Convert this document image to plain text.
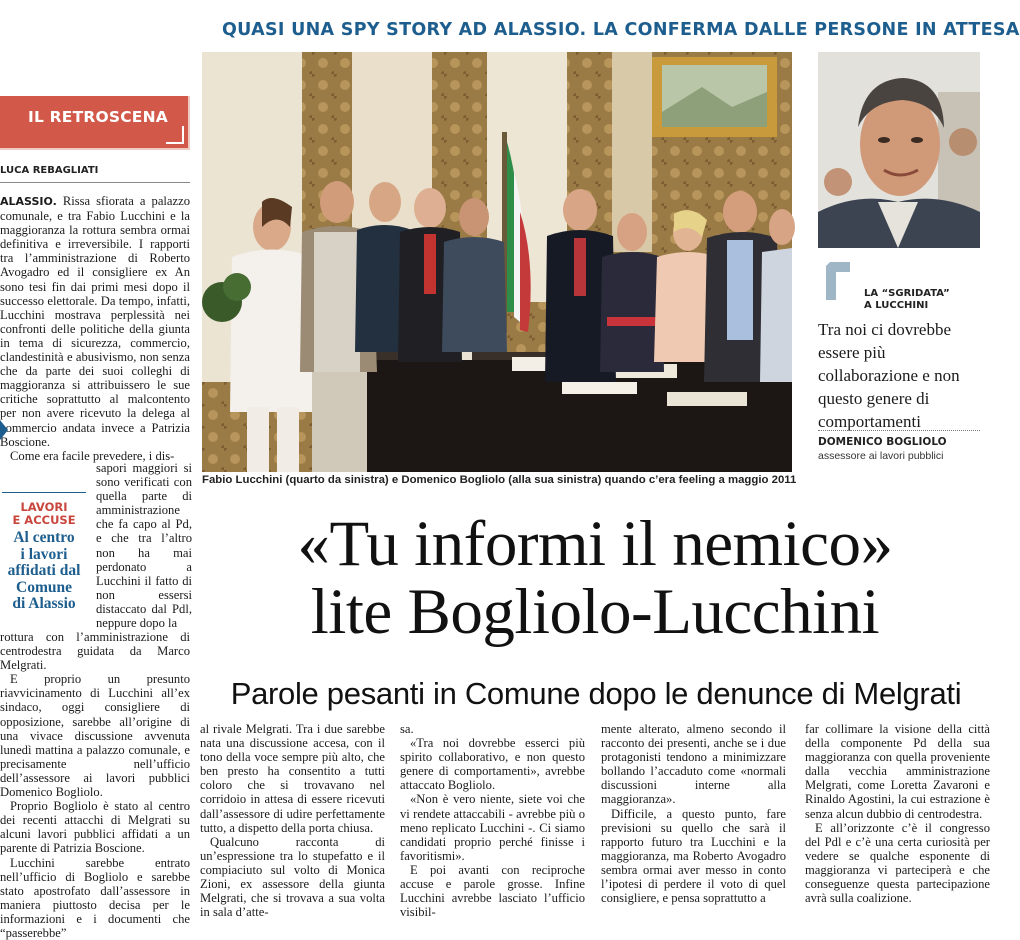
QUASI UNA SPY STORY AD ALASSIO. LA CONFERMA DALLE PERSONE IN ATTESA
IL RETROSCENA
LUCA REBAGLIATI

ALASSIO. Rissa sfiorata a palazzo comunale, e tra Fabio Lucchini e la maggioranza la rottura sembra ormai definitiva e irreversibile. I rapporti tra l’amministrazione di Roberto Avogadro ed il consigliere ex An sono tesi fin dai primi mesi dopo il successo elettorale. Da tempo, infatti, Lucchini mostrava perplessità nei confronti delle politiche della giunta in tema di sicurezza, commercio, clandestinità e abusivismo, non senza che da parte dei suoi colleghi di maggioranza si attribuissero le sue critiche soprattutto al malcontento per non avere ricevuto la delega al commercio andata invece a Patrizia Boscione.

Come era facile prevedere, i dis-

LAVORI
E ACCUSE
Al centro
i lavori
affidati dal
Comune
di Alassio

sapori maggiori si sono verificati con quella parte di amministrazione che fa capo al Pd, e che tra l’altro non ha mai perdonato a Lucchini il fatto di non essersi distaccato dal Pdl, neppure dopo la

rottura con l’amministrazione di centrodestra guidata da Marco Melgrati.

E proprio un presunto riavvicinamento di Lucchini all’ex sindaco, oggi consigliere di opposizione, sarebbe all’origine di una vivace discussione avvenuta lunedì mattina a palazzo comunale, e precisamente nell’ufficio dell’assessore ai lavori pubblici Domenico Bogliolo.

Proprio Bogliolo è stato al centro dei recenti attacchi di Melgrati su alcuni lavori pubblici affidati a un parente di Patrizia Boscione.

Lucchini sarebbe entrato nell’ufficio di Bogliolo e sarebbe stato apostrofato dall’assessore in maniera piuttosto decisa per le informazioni e i documenti che “passerebbe”

Fabio Lucchini (quarto da sinistra) e Domenico Bogliolo (alla sua sinistra) quando c’era feeling a maggio 2011
LA “SGRIDATA”
A LUCCHINI
Tra noi ci dovrebbe essere più collaborazione e non questo genere di comportamenti
DOMENICO BOGLIOLO
assessore ai lavori pubblici
«Tu informi il nemico»
lite Bogliolo-Lucchini
Parole pesanti in Comune dopo le denunce di Melgrati

al rivale Melgrati. Tra i due sarebbe nata una discussione accesa, con il tono della voce sempre più alto, che ben presto ha consentito a tutti coloro che si trovavano nel corridoio in attesa di essere ricevuti dall’assessore di udire perfettamente tutto, a dispetto della porta chiusa.

Qualcuno racconta di un’espressione tra lo stupefatto e il compiaciuto sul volto di Monica Zioni, ex assessore della giunta Melgrati, che si trovava a sua volta in sala d’atte-

sa.

«Tra noi dovrebbe esserci più spirito collaborativo, e non questo genere di comportamenti», avrebbe attaccato Bogliolo.

«Non è vero niente, siete voi che vi rendete attaccabili - avrebbe più o meno replicato Lucchini -. Ci siamo candidati proprio perché finisse i favoritismi».

E poi avanti con reciproche accuse e parole grosse. Infine Lucchini avrebbe lasciato l’ufficio visibil-

mente alterato, almeno secondo il racconto dei presenti, anche se i due protagonisti tendono a minimizzare bollando l’accaduto come «normali discussioni interne alla maggioranza».

Difficile, a questo punto, fare previsioni su quello che sarà il rapporto futuro tra Lucchini e la maggioranza, ma Roberto Avogadro sembra ormai aver messo in conto l’ipotesi di perdere il voto di quel consigliere, e pensa soprattutto a

far collimare la visione della città della componente Pd della sua maggioranza con quella proveniente dalla vecchia amministrazione Melgrati, come Loretta Zavaroni e Rinaldo Agostini, la cui estrazione è senza alcun dubbio di centrodestra.

E all’orizzonte c’è il congresso del Pdl e c’è una certa curiosità per vedere se qualche esponente di maggioranza vi parteciperà e che conseguenze questa partecipazione avrà sulla coalizione.
